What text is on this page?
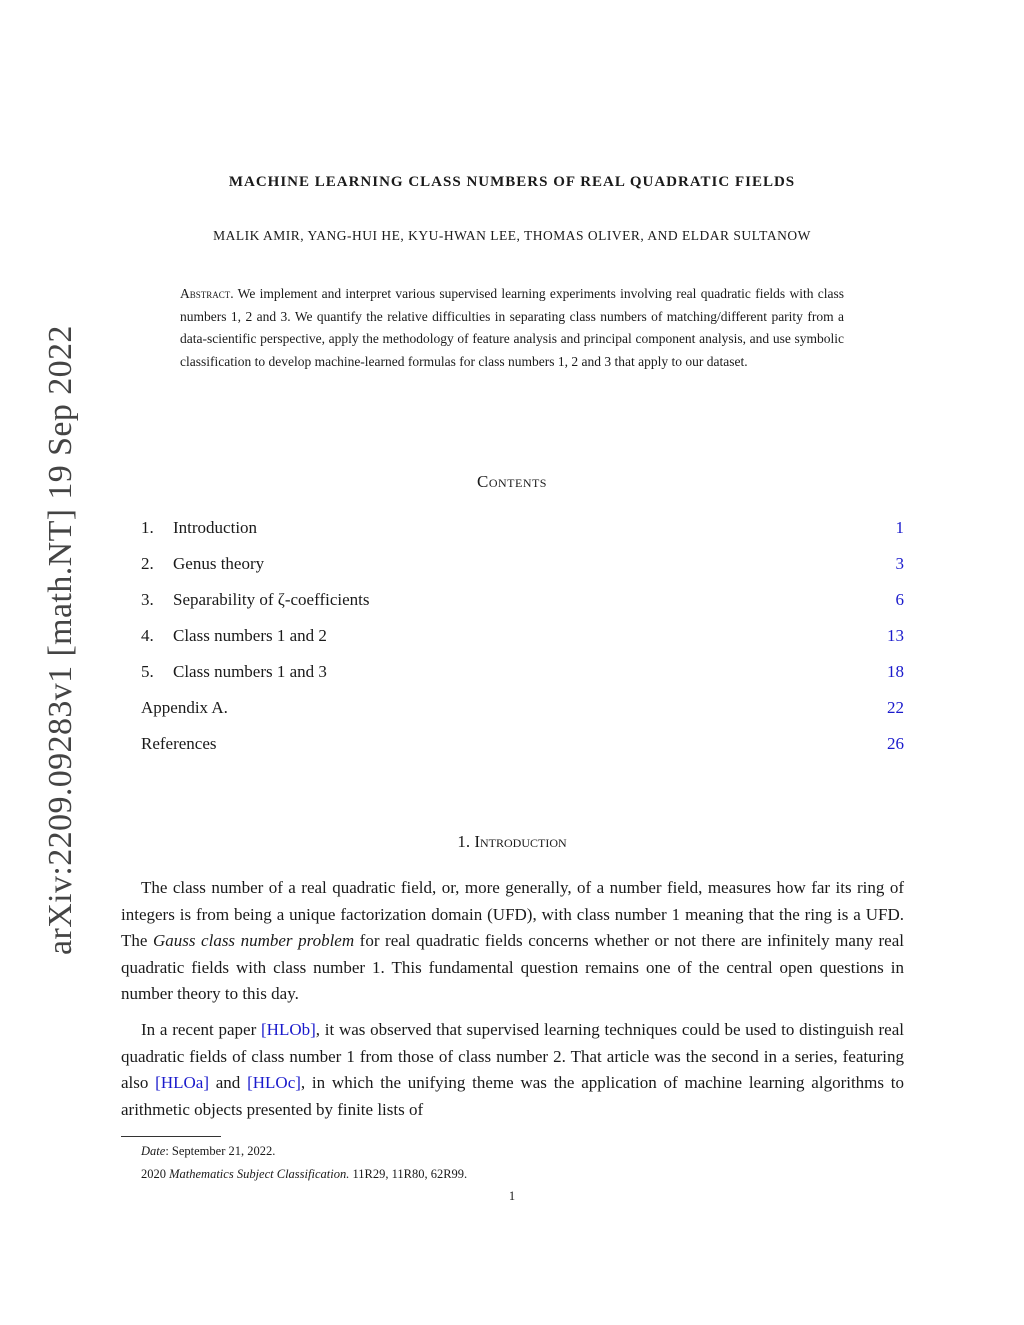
arXiv:2209.09283v1 [math.NT] 19 Sep 2022
MACHINE LEARNING CLASS NUMBERS OF REAL QUADRATIC FIELDS
MALIK AMIR, YANG-HUI HE, KYU-HWAN LEE, THOMAS OLIVER, AND ELDAR SULTANOW
Abstract. We implement and interpret various supervised learning experiments involving real quadratic fields with class numbers 1, 2 and 3. We quantify the relative difficulties in separating class numbers of matching/different parity from a data-scientific perspective, apply the methodology of feature analysis and principal component analysis, and use symbolic classification to develop machine-learned formulas for class numbers 1, 2 and 3 that apply to our dataset.
Contents
1. Introduction	1
2. Genus theory	3
3. Separability of ζ-coefficients	6
4. Class numbers 1 and 2	13
5. Class numbers 1 and 3	18
Appendix A.	22
References	26
1. Introduction
The class number of a real quadratic field, or, more generally, of a number field, measures how far its ring of integers is from being a unique factorization domain (UFD), with class number 1 meaning that the ring is a UFD. The Gauss class number problem for real quadratic fields concerns whether or not there are infinitely many real quadratic fields with class number 1. This fundamental question remains one of the central open questions in number theory to this day.
In a recent paper [HLOb], it was observed that supervised learning techniques could be used to distinguish real quadratic fields of class number 1 from those of class number 2. That article was the second in a series, featuring also [HLOa] and [HLOc], in which the unifying theme was the application of machine learning algorithms to arithmetic objects presented by finite lists of
Date: September 21, 2022.
2020 Mathematics Subject Classification. 11R29, 11R80, 62R99.
1
